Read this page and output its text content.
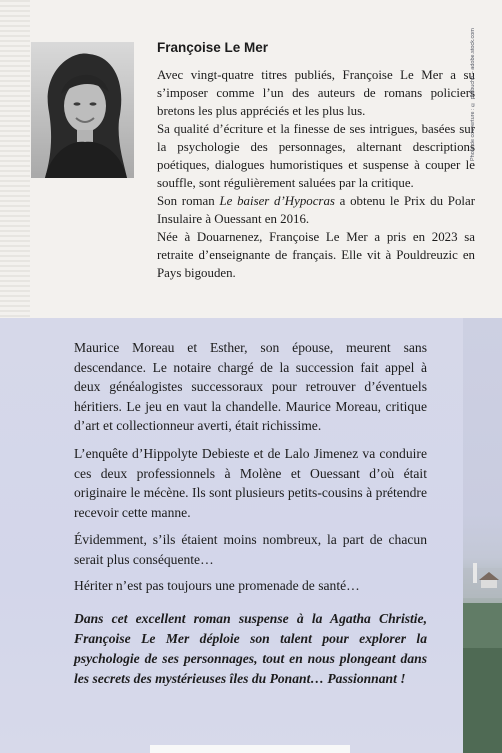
Françoise Le Mer

Avec vingt-quatre titres publiés, Françoise Le Mer a su s’imposer comme l’un des auteurs de romans policiers bretons les plus appréciés et les plus lus.

Sa qualité d’écriture et la finesse de ses intrigues, basées sur la psychologie des personnages, alternant descriptions poétiques, dialogues humoristiques et suspense à couper le souffle, sont régulièrement saluées par la critique.

Son roman Le baiser d’Hypocras a obtenu le Prix du Polar Insulaire à Ouessant en 2016.

Née à Douarnenez, Françoise Le Mer a pris en 2023 sa retraite d’enseignante de français. Elle vit à Pouldreuzic en Pays bigouden.

Maurice Moreau et Esther, son épouse, meurent sans descendance. Le notaire chargé de la succession fait appel à deux généalogistes successoraux pour retrouver d’éventuels héritiers. Le jeu en vaut la chandelle. Maurice Moreau, critique d’art et collectionneur averti, était richissime.

L’enquête d’Hippolyte Debieste et de Lalo Jimenez va conduire ces deux professionnels à Molène et Ouessant d’où était originaire le mécène. Ils sont plusieurs petits-cousins à prétendre recevoir cette manne.

Évidemment, s’ils étaient moins nombreux, la part de chacun serait plus conséquente…

Hériter n’est pas toujours une promenade de santé…

Dans cet excellent roman suspense à la Agatha Christie, Françoise Le Mer déploie son talent pour explorer la psychologie de ses personnages, tout en nous plongeant dans les secrets des mystérieuses îles du Ponant… Passionnant !

Photo de couverture : © philbucho – adobe.stock.com
